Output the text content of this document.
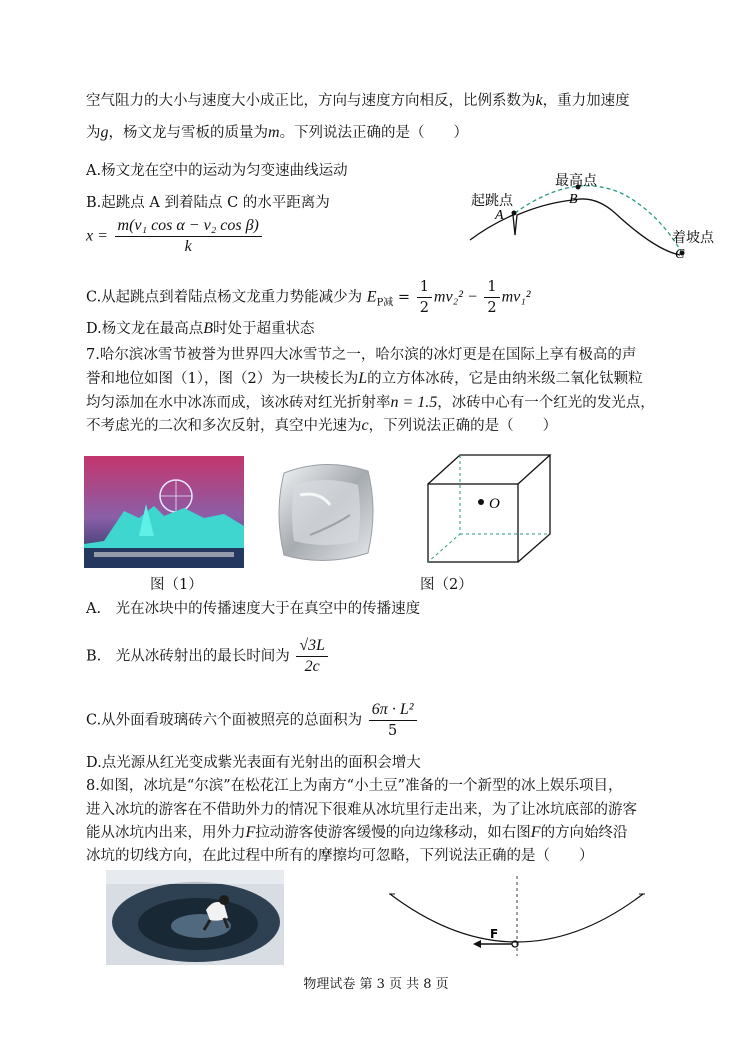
空气阻力的大小与速度大小成正比，方向与速度方向相反，比例系数为k，重力加速度
为g，杨文龙与雪板的质量为m。下列说法正确的是（　　）
A.杨文龙在空中的运动为匀变速曲线运动
B.起跳点 A 到着陆点 C 的水平距离为
$x = \frac{\text{m(v₁ cos α − v₂ cos β)}}{k}$
C.从起跳点到着陆点杨文龙重力势能减少为 $E_{P减} = \frac{1}{2} mv_2^2 - \frac{1}{2} mv_1^2$
D.杨文龙在最高点B时处于超重状态
最高点
起跳点
A
B
着坡点
C
7.哈尔滨冰雪节被誉为世界四大冰雪节之一，哈尔滨的冰灯更是在国际上享有极高的声
誉和地位如图（1），图（2）为一块棱长为L的立方体冰砖，它是由纳米级二氧化钛颗粒
均匀添加在水中冰冻而成，该冰砖对红光折射率n = 1.5，冰砖中心有一个红光的发光点，
不考虑光的二次和多次反射，真空中光速为c，下列说法正确的是（　　）
图（1）
O
图（2）
A.　光在冰块中的传播速度大于在真空中的传播速度
B.　光从冰砖射出的最长时间为 $\frac{√3L}{2c}$
C.从外面看玻璃砖六个面被照亮的总面积为 $\frac{\text{6π · L²}}{5}$
D.点光源从红光变成紫光表面有光射出的面积会增大
8.如图，冰坑是“尔滨”在松花江上为南方“小土豆”准备的一个新型的冰上娱乐项目，
进入冰坑的游客在不借助外力的情况下很难从冰坑里行走出来，为了让冰坑底部的游客
能从冰坑内出来，用外力F拉动游客使游客缓慢的向边缘移动，如右图F的方向始终沿
冰坑的切线方向，在此过程中所有的摩擦均可忽略，下列说法正确的是（　　）
F
物理试卷 第 3 页 共 8 页
